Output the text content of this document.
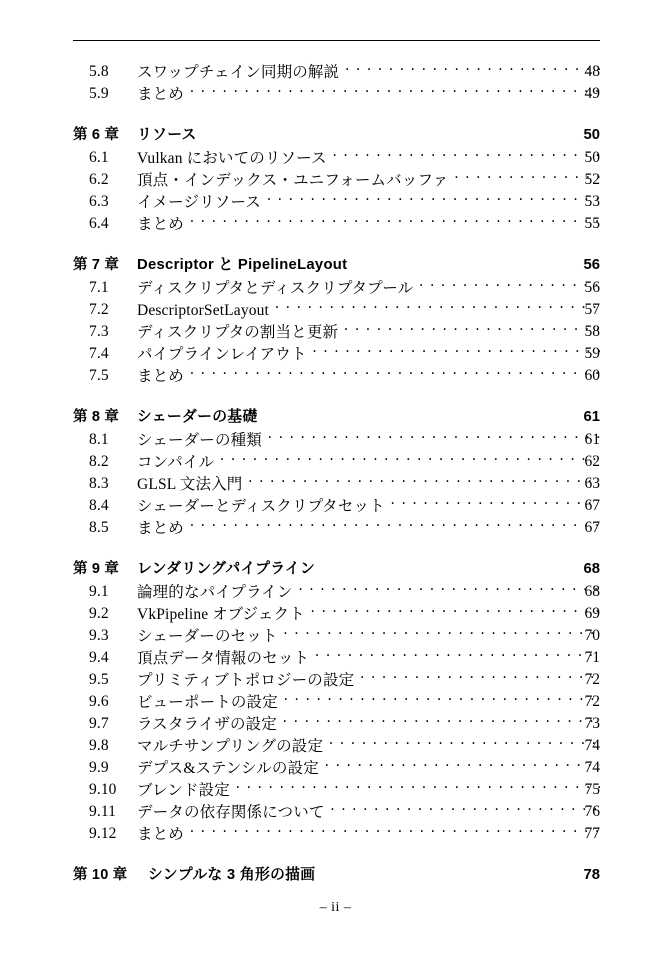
5.8	スワップチェイン同期の解説 . . .	48
5.9	まとめ . . .	49
第 6 章	リソース	50
6.1	Vulkan においてのリソース . . .	50
6.2	頂点・インデックス・ユニフォームバッファ . . .	52
6.3	イメージリソース . . .	53
6.4	まとめ . . .	55
第 7 章	Descriptor と PipelineLayout	56
7.1	ディスクリプタとディスクリプタプール . . .	56
7.2	DescriptorSetLayout . . .	57
7.3	ディスクリプタの割当と更新 . . .	58
7.4	パイプラインレイアウト . . .	59
7.5	まとめ . . .	60
第 8 章	シェーダーの基礎	61
8.1	シェーダーの種類 . . .	61
8.2	コンパイル . . .	62
8.3	GLSL 文法入門 . . .	63
8.4	シェーダーとディスクリプタセット . . .	67
8.5	まとめ . . .	67
第 9 章	レンダリングパイプライン	68
9.1	論理的なパイプライン . . .	68
9.2	VkPipeline オブジェクト . . .	69
9.3	シェーダーのセット . . .	70
9.4	頂点データ情報のセット . . .	71
9.5	プリミティブトポロジーの設定 . . .	72
9.6	ビューポートの設定 . . .	72
9.7	ラスタライザの設定 . . .	73
9.8	マルチサンプリングの設定 . . .	74
9.9	デプス&ステンシルの設定 . . .	74
9.10	ブレンド設定 . . .	75
9.11	データの依存関係について . . .	76
9.12	まとめ . . .	77
第 10 章	シンプルな 3 角形の描画	78
– ii –
